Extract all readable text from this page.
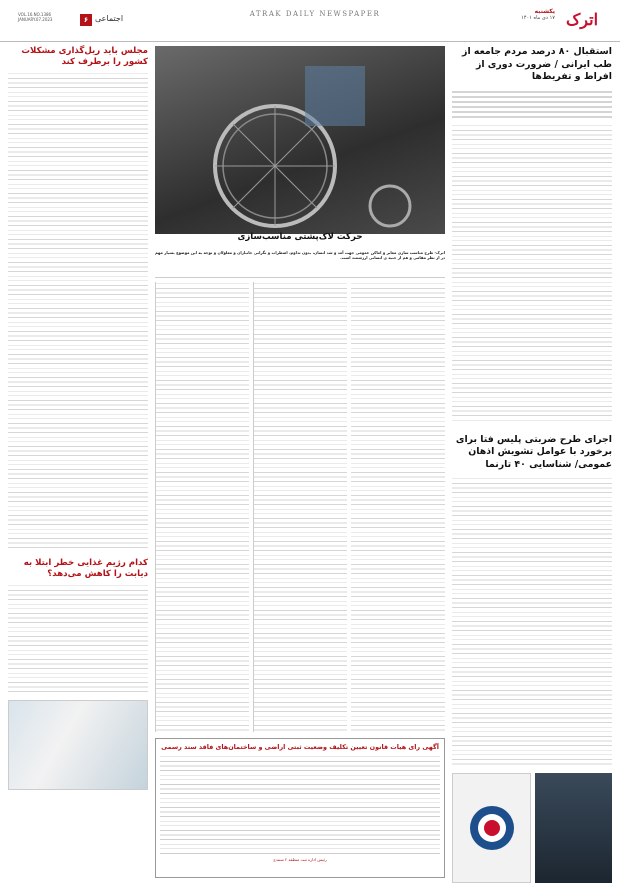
ATRAK DAILY NEWSPAPER
VOL.16.NO.1386
JANUARY.07.2023	۶ اجتماعی	اترک
یکشنبه
۱۷ دی ماه ۱۴۰۱
مجلس باید ریل‌گذاری مشکلات کشور را برطرف کند
کدام رژیم غذایی خطر ابتلا به دیابت را کاهش می‌دهد؟
حرکت لاک‌پشتی مناسب‌سازی
اترک- طرح مناسب سازی معابر و اماکن عمومی جهت آمد و شد انسان، بدون تداوم، اضطراب و نگرانی جانبازان و معلولان و توجه به این موضوع بسیار مهم در از نظر مقامی و هم از جنبه ی انسانی ارزشمند است.
آگهی رای هیات قانون تعیین تکلیف وضعیت ثبتی اراضی و ساختمان‌های فاقد سند رسمی
رئیس اداره ثبت منطقه ۲ سنندج
استقبال ۸۰ درصد مردم جامعه از طب ایرانی / ضرورت دوری از افراط و تفریط‌ها
اجرای طرح ضربتی پلیس فتا برای برخورد با عوامل تشویش اذهان عمومی/ شناسایی ۴۰ تارنما
